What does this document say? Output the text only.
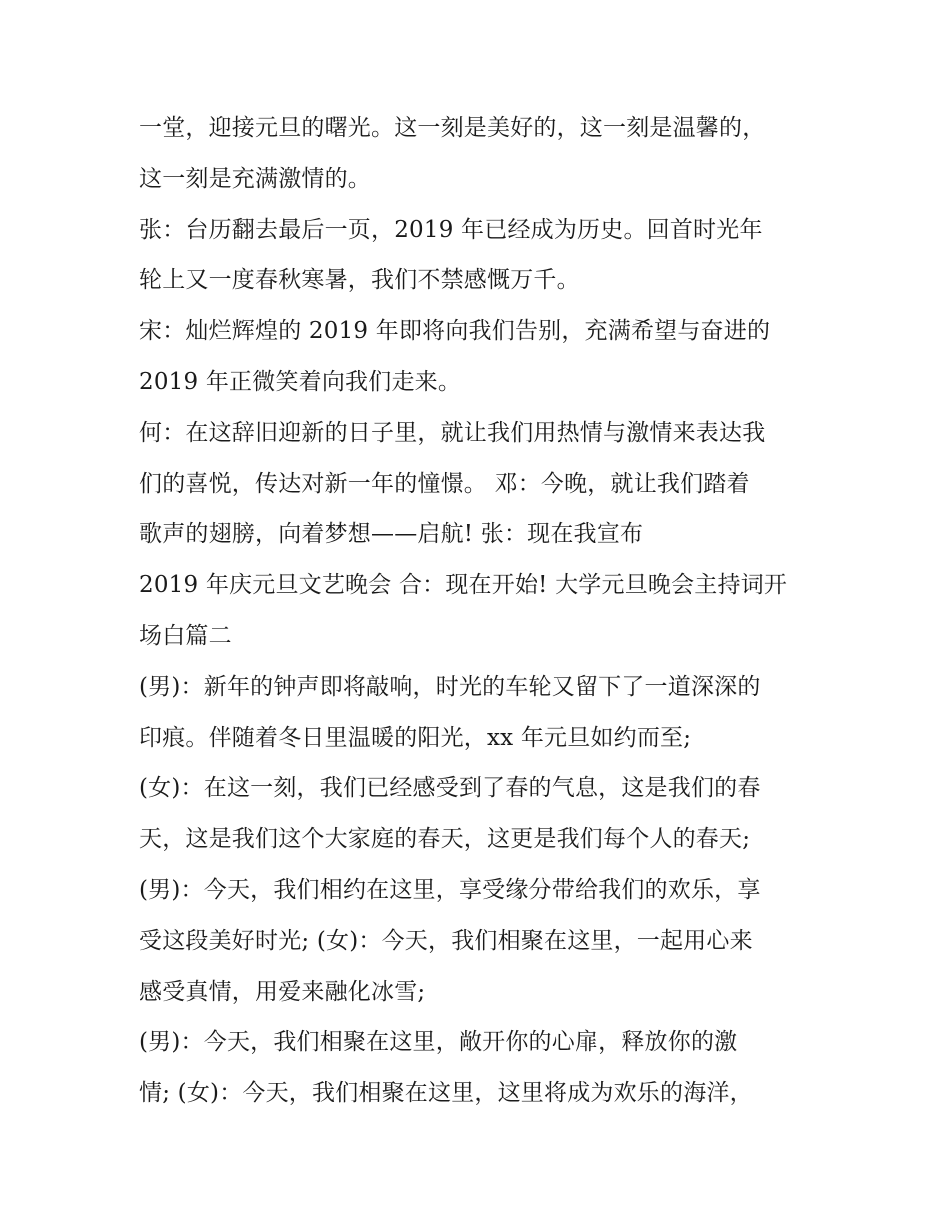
一堂，迎接元旦的曙光。这一刻是美好的，这一刻是温馨的，
这一刻是充满激情的。
张：台历翻去最后一页，2019 年已经成为历史。回首时光年
轮上又一度春秋寒暑，我们不禁感慨万千。
宋：灿烂辉煌的 2019 年即将向我们告别，充满希望与奋进的
2019 年正微笑着向我们走来。
何：在这辞旧迎新的日子里，就让我们用热情与激情来表达我
们的喜悦，传达对新一年的憧憬。 邓：今晚，就让我们踏着
歌声的翅膀，向着梦想——启航! 张：现在我宣布
2019 年庆元旦文艺晚会 合：现在开始! 大学元旦晚会主持词开
场白篇二
(男)：新年的钟声即将敲响，时光的车轮又留下了一道深深的
印痕。伴随着冬日里温暖的阳光，xx 年元旦如约而至;
(女)：在这一刻，我们已经感受到了春的气息，这是我们的春
天，这是我们这个大家庭的春天，这更是我们每个人的春天;
(男)：今天，我们相约在这里，享受缘分带给我们的欢乐，享
受这段美好时光; (女)：今天，我们相聚在这里，一起用心来
感受真情，用爱来融化冰雪;
(男)：今天，我们相聚在这里，敞开你的心扉，释放你的激
情; (女)：今天，我们相聚在这里，这里将成为欢乐的海洋，
